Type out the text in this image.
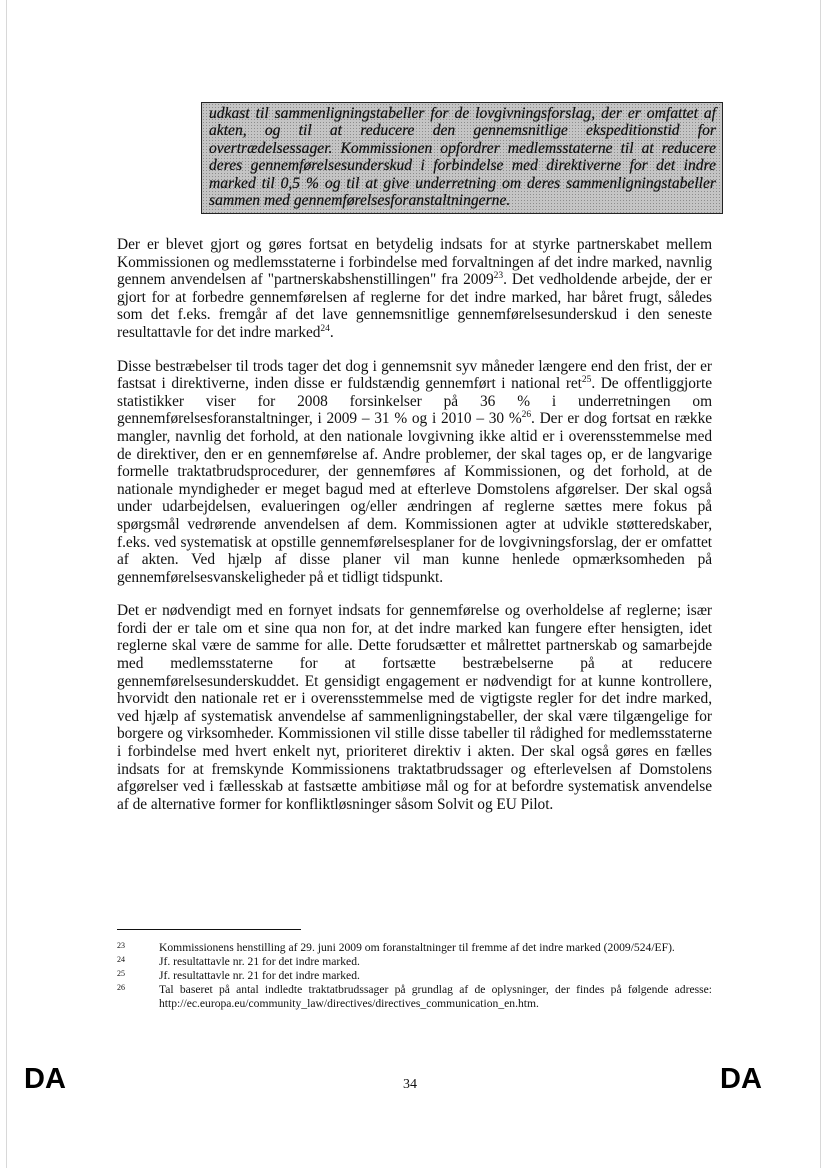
udkast til sammenligningstabeller for de lovgivningsforslag, der er omfattet af akten, og til at reducere den gennemsnitlige ekspeditionstid for overtrædelsessager. Kommissionen opfordrer medlemsstaterne til at reducere deres gennemførelsesunderskud i forbindelse med direktiverne for det indre marked til 0,5 % og til at give underretning om deres sammenligningstabeller sammen med gennemførelsesforanstaltningerne.

Der er blevet gjort og gøres fortsat en betydelig indsats for at styrke partnerskabet mellem Kommissionen og medlemsstaterne i forbindelse med forvaltningen af det indre marked, navnlig gennem anvendelsen af "partnerskabshenstillingen" fra 2009$^{23}$. Det vedholdende arbejde, der er gjort for at forbedre gennemførelsen af reglerne for det indre marked, har båret frugt, således som det f.eks. fremgår af det lave gennemsnitlige gennemførelsesunderskud i den seneste resultattavle for det indre marked$^{24}$.

Disse bestræbelser til trods tager det dog i gennemsnit syv måneder længere end den frist, der er fastsat i direktiverne, inden disse er fuldstændig gennemført i national ret$^{25}$. De offentliggjorte statistikker viser for 2008 forsinkelser på 36 % i underretningen om gennemførelsesforanstaltninger, i 2009 – 31 % og i 2010 – 30 %$^{26}$. Der er dog fortsat en række mangler, navnlig det forhold, at den nationale lovgivning ikke altid er i overensstemmelse med de direktiver, den er en gennemførelse af. Andre problemer, der skal tages op, er de langvarige formelle traktatbrudsprocedurer, der gennemføres af Kommissionen, og det forhold, at de nationale myndigheder er meget bagud med at efterleve Domstolens afgørelser. Der skal også under udarbejdelsen, evalueringen og/eller ændringen af reglerne sættes mere fokus på spørgsmål vedrørende anvendelsen af dem. Kommissionen agter at udvikle støtteredskaber, f.eks. ved systematisk at opstille gennemførelsesplaner for de lovgivningsforslag, der er omfattet af akten. Ved hjælp af disse planer vil man kunne henlede opmærksomheden på gennemførelsesvanskeligheder på et tidligt tidspunkt.

Det er nødvendigt med en fornyet indsats for gennemførelse og overholdelse af reglerne; især fordi der er tale om et sine qua non for, at det indre marked kan fungere efter hensigten, idet reglerne skal være de samme for alle. Dette forudsætter et målrettet partnerskab og samarbejde med medlemsstaterne for at fortsætte bestræbelserne på at reducere gennemførelsesunderskuddet. Et gensidigt engagement er nødvendigt for at kunne kontrollere, hvorvidt den nationale ret er i overensstemmelse med de vigtigste regler for det indre marked, ved hjælp af systematisk anvendelse af sammenligningstabeller, der skal være tilgængelige for borgere og virksomheder. Kommissionen vil stille disse tabeller til rådighed for medlemsstaterne i forbindelse med hvert enkelt nyt, prioriteret direktiv i akten. Der skal også gøres en fælles indsats for at fremskynde Kommissionens traktatbrudssager og efterlevelsen af Domstolens afgørelser ved i fællesskab at fastsætte ambitiøse mål og for at befordre systematisk anvendelse af de alternative former for konfliktløsninger såsom Solvit og EU Pilot.

23	Kommissionens henstilling af 29. juni 2009 om foranstaltninger til fremme af det indre marked (2009/524/EF).
24	Jf. resultattavle nr. 21 for det indre marked.
25	Jf. resultattavle nr. 21 for det indre marked.
26	Tal baseret på antal indledte traktatbrudssager på grundlag af de oplysninger, der findes på følgende adresse: http://ec.europa.eu/community_law/directives/directives_communication_en.htm.
DA	34	DA
